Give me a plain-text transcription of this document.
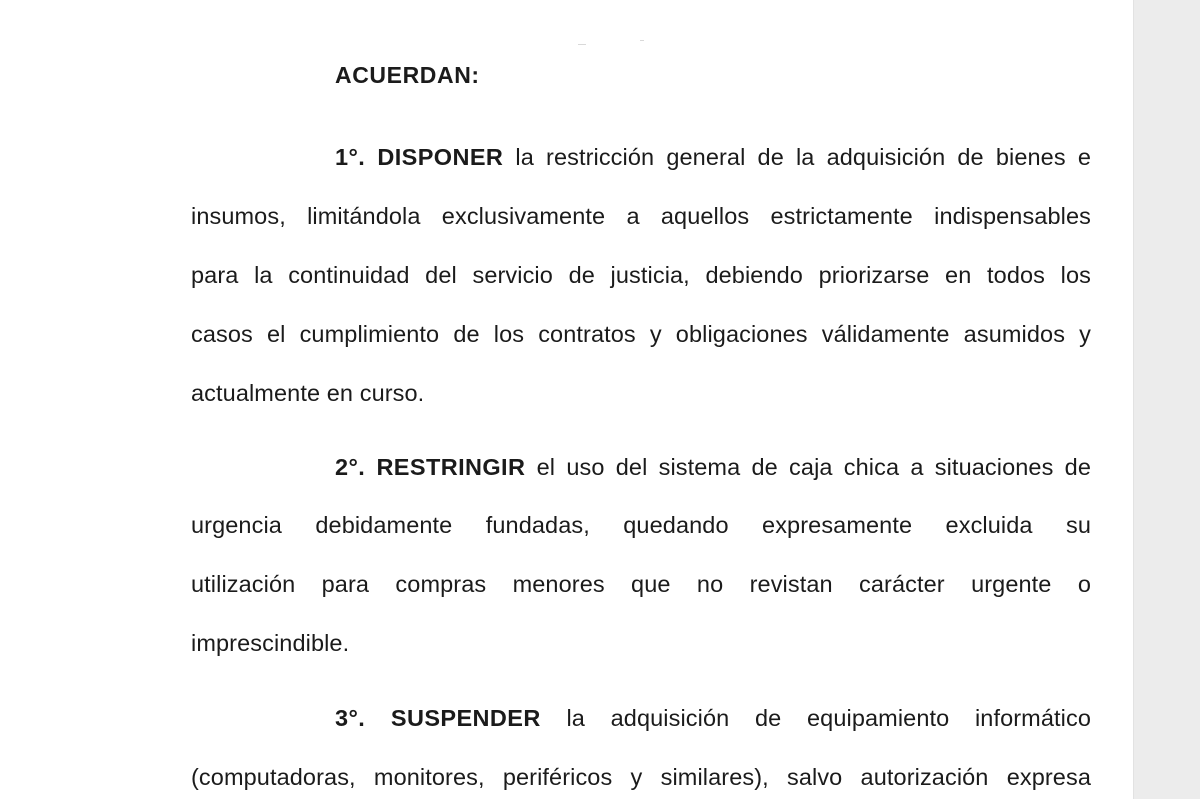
ACUERDAN:
1°. DISPONER la restricción general de la adquisición de bienes e
insumos, limitándola exclusivamente a aquellos estrictamente indispensables
para la continuidad del servicio de justicia, debiendo priorizarse en todos los
casos el cumplimiento de los contratos y obligaciones válidamente asumidos y
actualmente en curso.
2°. RESTRINGIR el uso del sistema de caja chica a situaciones de
urgencia debidamente fundadas, quedando expresamente excluida su
utilización para compras menores que no revistan carácter urgente o
imprescindible.
3°. SUSPENDER la adquisición de equipamiento informático
(computadoras, monitores, periféricos y similares), salvo autorización expresa
